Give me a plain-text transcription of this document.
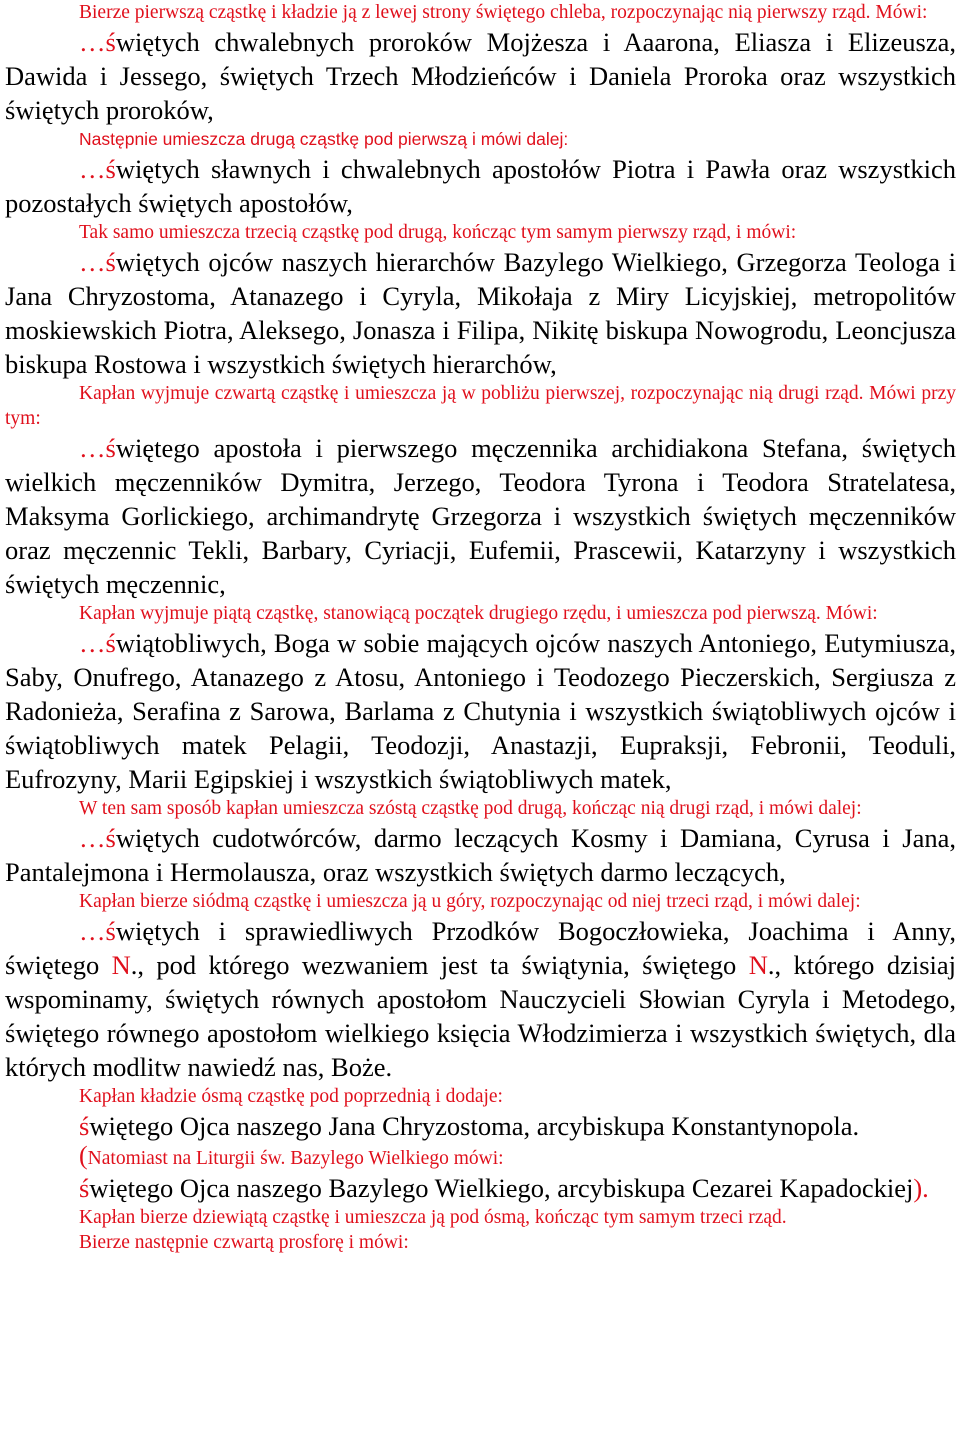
Bierze pierwszą cząstkę i kładzie ją z lewej strony świętego chleba, rozpoczynając nią pierwszy rząd. Mówi:

…świętych chwalebnych proroków Mojżesza i Aaarona, Eliasza i Elizeusza, Dawida i Jessego, świętych Trzech Młodzieńców i Daniela Proroka oraz wszystkich świętych proroków,

Następnie umieszcza drugą cząstkę pod pierwszą i mówi dalej:

…świętych sławnych i chwalebnych apostołów Piotra i Pawła oraz wszystkich pozostałych świętych apostołów,

Tak samo umieszcza trzecią cząstkę pod drugą, kończąc tym samym pierwszy rząd, i mówi:

…świętych ojców naszych hierarchów Bazylego Wielkiego, Grzegorza Teologa i Jana Chryzostoma, Atanazego i Cyryla, Mikołaja z Miry Licyjskiej, metropolitów moskiewskich Piotra, Aleksego, Jonasza i Filipa, Nikitę biskupa Nowogrodu, Leoncjusza biskupa Rostowa i wszystkich świętych hierarchów,

Kapłan wyjmuje czwartą cząstkę i umieszcza ją w pobliżu pierwszej, rozpoczynając nią drugi rząd. Mówi przy tym:

…świętego apostoła i pierwszego męczennika archidiakona Stefana, świętych wielkich męczenników Dymitra, Jerzego, Teodora Tyrona i Teodora Stratelatesa, Maksyma Gorlickiego, archimandrytę Grzegorza i wszystkich świętych męczenników oraz męczennic Tekli, Barbary, Cyriacji, Eufemii, Prascewii, Katarzyny i wszystkich świętych męczennic,

Kapłan wyjmuje piątą cząstkę, stanowiącą początek drugiego rzędu, i umieszcza pod pierwszą. Mówi:

…świątobliwych, Boga w sobie mających ojców naszych Antoniego, Eutymiusza, Saby, Onufrego, Atanazego z Atosu, Antoniego i Teodozego Pieczerskich, Sergiusza z Radonieża, Serafina z Sarowa, Barlama z Chutynia i wszystkich świątobliwych ojców i świątobliwych matek Pelagii, Teodozji, Anastazji, Eupraksji, Febronii, Teoduli, Eufrozyny, Marii Egipskiej i wszystkich świątobliwych matek,

W ten sam sposób kapłan umieszcza szóstą cząstkę pod drugą, kończąc nią drugi rząd, i mówi dalej:

…świętych cudotwórców, darmo leczących Kosmy i Damiana, Cyrusa i Jana, Pantalejmona i Hermolausza, oraz wszystkich świętych darmo leczących,

Kapłan bierze siódmą cząstkę i umieszcza ją u góry, rozpoczynając od niej trzeci rząd, i mówi dalej:

…świętych i sprawiedliwych Przodków Bogoczłowieka, Joachima i Anny, świętego N., pod którego wezwaniem jest ta świątynia, świętego N., którego dzisiaj wspominamy, świętych równych apostołom Nauczycieli Słowian Cyryla i Metodego, świętego równego apostołom wielkiego księcia Włodzimierza i wszystkich świętych, dla których modlitw nawiedź nas, Boże.

Kapłan kładzie ósmą cząstkę pod poprzednią i dodaje:

świętego Ojca naszego Jana Chryzostoma, arcybiskupa Konstantynopola.

(Natomiast na Liturgii św. Bazylego Wielkiego mówi:

świętego Ojca naszego Bazylego Wielkiego, arcybiskupa Cezarei Kapadockiej).

Kapłan bierze dziewiątą cząstkę i umieszcza ją pod ósmą, kończąc tym samym trzeci rząd.

Bierze następnie czwartą prosforę i mówi:
